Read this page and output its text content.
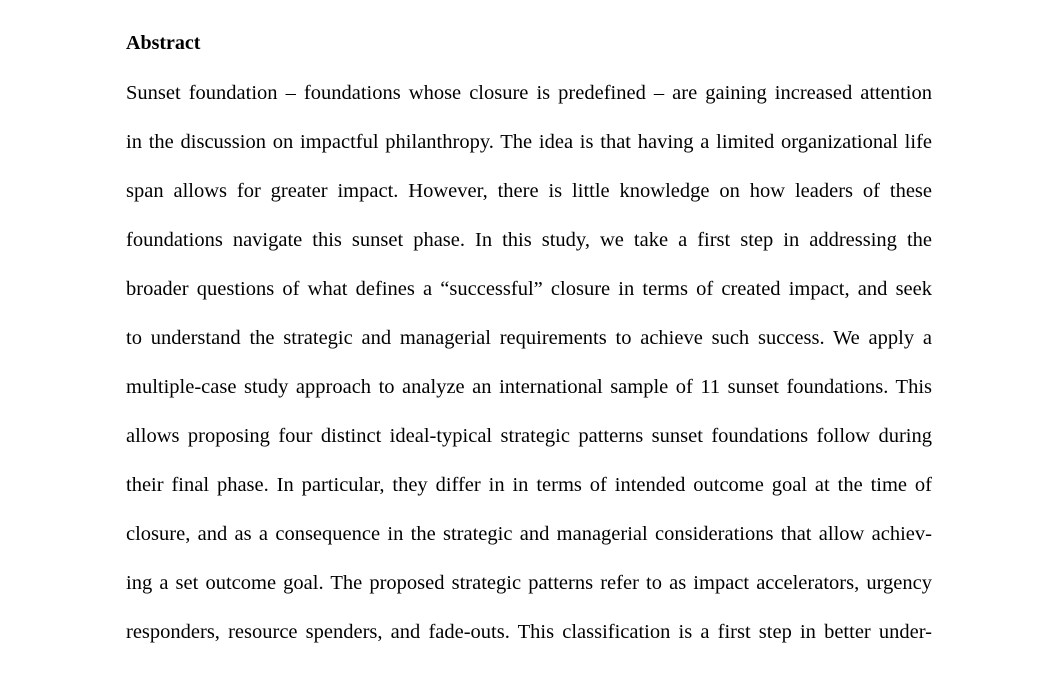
Abstract
Sunset foundation – foundations whose closure is predefined – are gaining increased attention
in the discussion on impactful philanthropy. The idea is that having a limited organizational life
span allows for greater impact. However, there is little knowledge on how leaders of these
foundations navigate this sunset phase. In this study, we take a first step in addressing the
broader questions of what defines a “successful” closure in terms of created impact, and seek
to understand the strategic and managerial requirements to achieve such success. We apply a
multiple-case study approach to analyze an international sample of 11 sunset foundations. This
allows proposing four distinct ideal-typical strategic patterns sunset foundations follow during
their final phase. In particular, they differ in in terms of intended outcome goal at the time of
closure, and as a consequence in the strategic and managerial considerations that allow achiev-
ing a set outcome goal. The proposed strategic patterns refer to as impact accelerators, urgency
responders, resource spenders, and fade-outs. This classification is a first step in better under-
